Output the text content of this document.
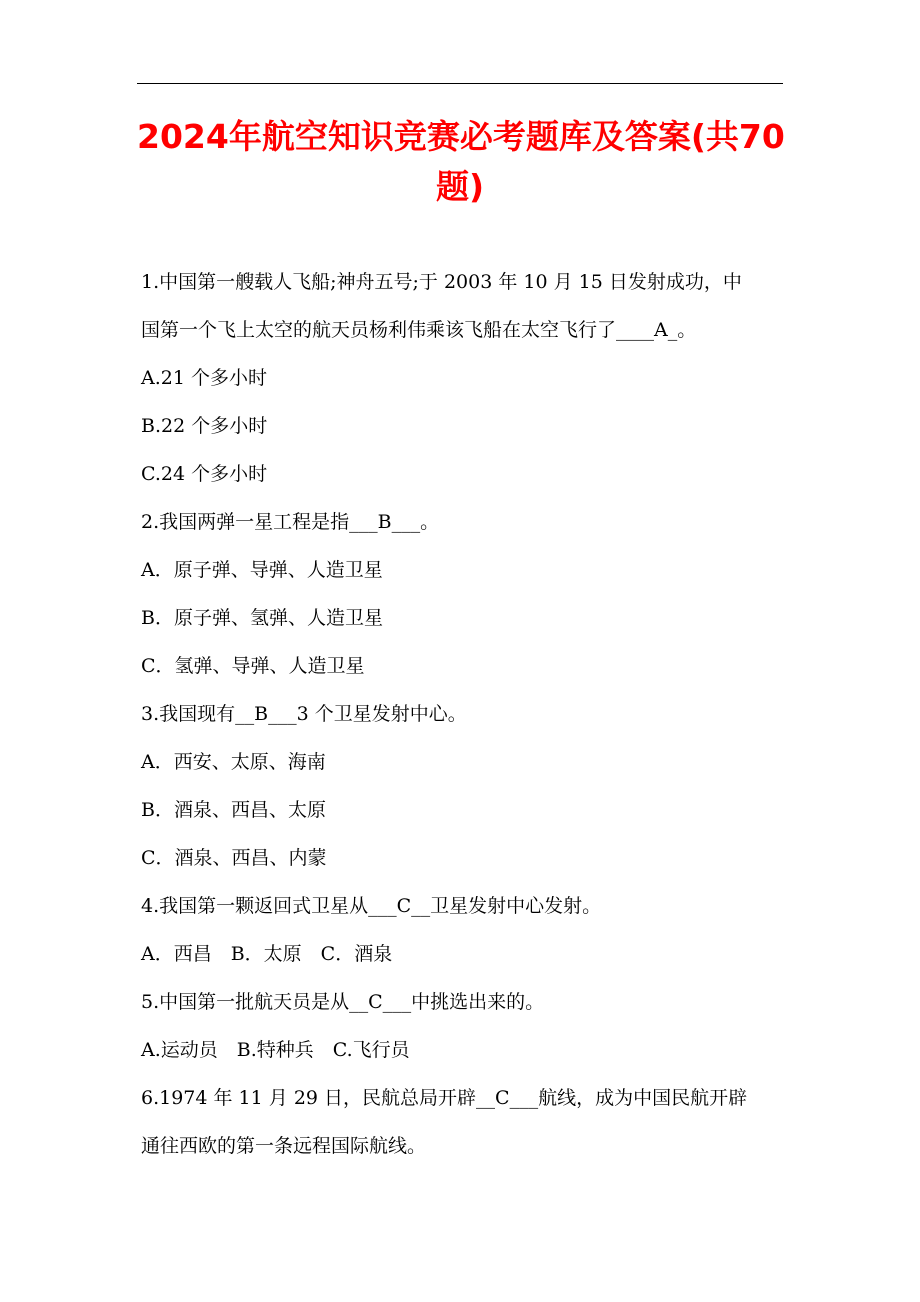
2024年航空知识竞赛必考题库及答案(共70
题)

1.中国第一艘载人飞船;神舟五号;于 2003 年 10 月 15 日发射成功，中
国第一个飞上太空的航天员杨利伟乘该飞船在太空飞行了____A_。

A.21 个多小时

B.22 个多小时

C.24 个多小时

2.我国两弹一星工程是指___B___。

A．原子弹、导弹、人造卫星

B．原子弹、氢弹、人造卫星

C．氢弹、导弹、人造卫星

3.我国现有__B___3 个卫星发射中心。

A．西安、太原、海南

B．酒泉、西昌、太原

C．酒泉、西昌、内蒙

4.我国第一颗返回式卫星从___C__卫星发射中心发射。

A．西昌　B．太原　C．酒泉

5.中国第一批航天员是从__C___中挑选出来的。

A.运动员　B.特种兵　C.飞行员

6.1974 年 11 月 29 日，民航总局开辟__C___航线，成为中国民航开辟
通往西欧的第一条远程国际航线。
